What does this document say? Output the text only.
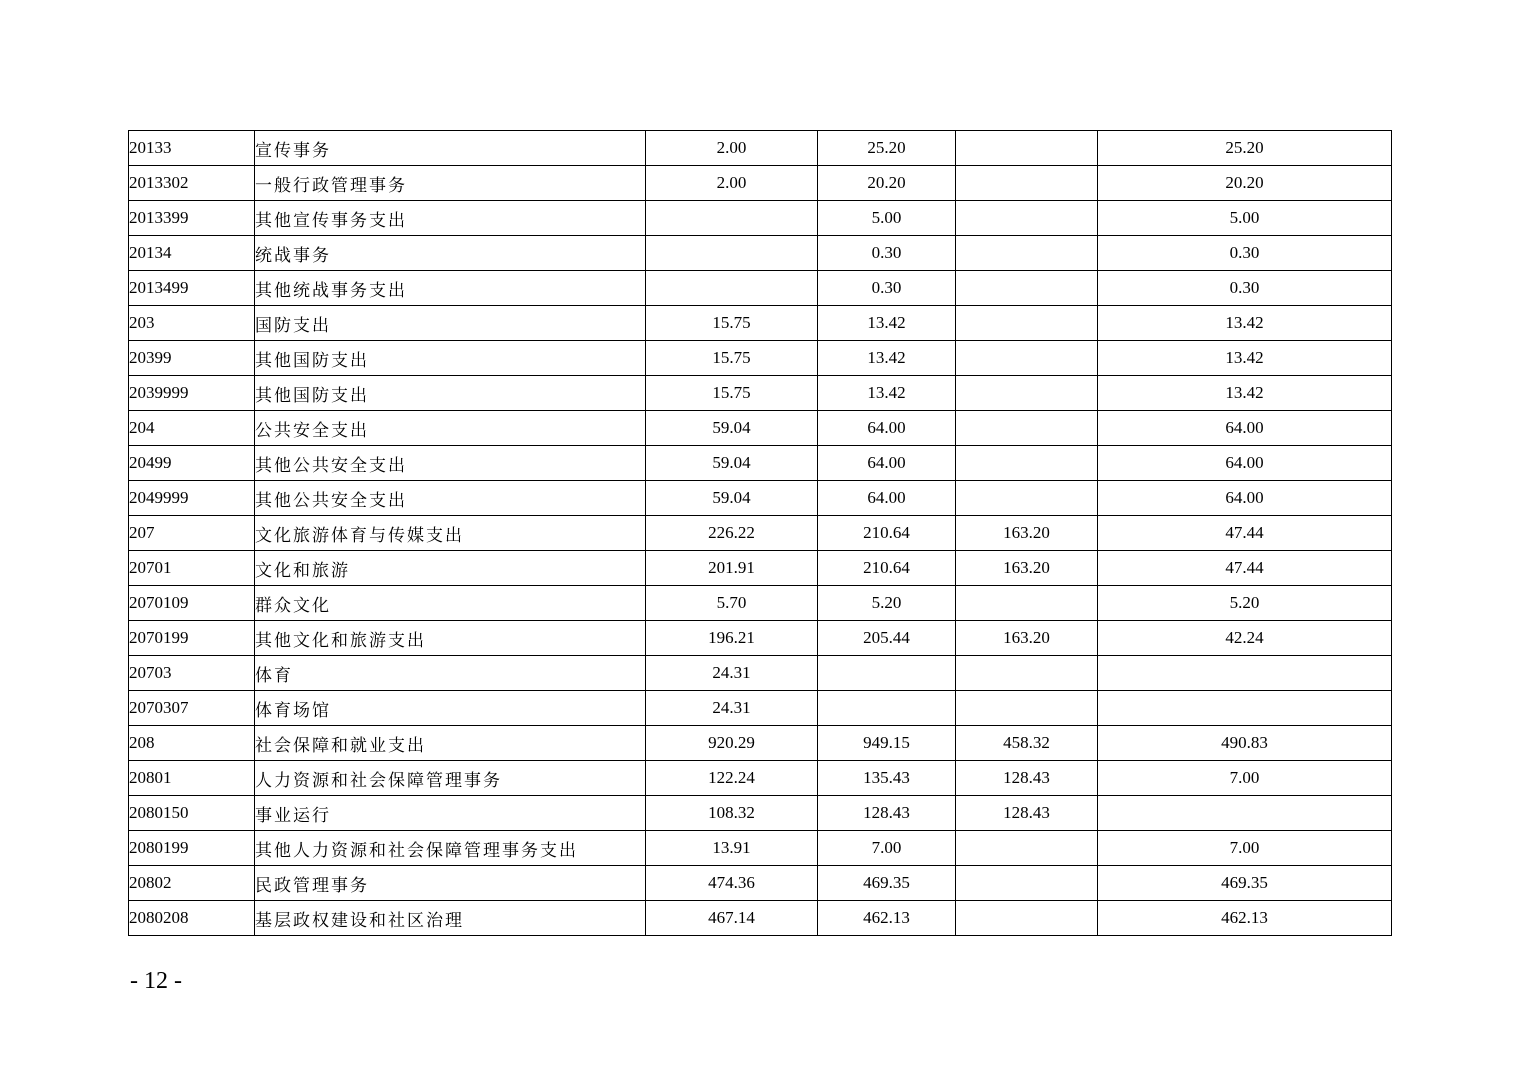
20133	宣传事务	2.00	25.20		25.20
2013302	一般行政管理事务	2.00	20.20		20.20
2013399	其他宣传事务支出		5.00		5.00
20134	统战事务		0.30		0.30
2013499	其他统战事务支出		0.30		0.30
203	国防支出	15.75	13.42		13.42
20399	其他国防支出	15.75	13.42		13.42
2039999	其他国防支出	15.75	13.42		13.42
204	公共安全支出	59.04	64.00		64.00
20499	其他公共安全支出	59.04	64.00		64.00
2049999	其他公共安全支出	59.04	64.00		64.00
207	文化旅游体育与传媒支出	226.22	210.64	163.20	47.44
20701	文化和旅游	201.91	210.64	163.20	47.44
2070109	群众文化	5.70	5.20		5.20
2070199	其他文化和旅游支出	196.21	205.44	163.20	42.24
20703	体育	24.31			
2070307	体育场馆	24.31			
208	社会保障和就业支出	920.29	949.15	458.32	490.83
20801	人力资源和社会保障管理事务	122.24	135.43	128.43	7.00
2080150	事业运行	108.32	128.43	128.43	
2080199	其他人力资源和社会保障管理事务支出	13.91	7.00		7.00
20802	民政管理事务	474.36	469.35		469.35
2080208	基层政权建设和社区治理	467.14	462.13		462.13
- 12 -
